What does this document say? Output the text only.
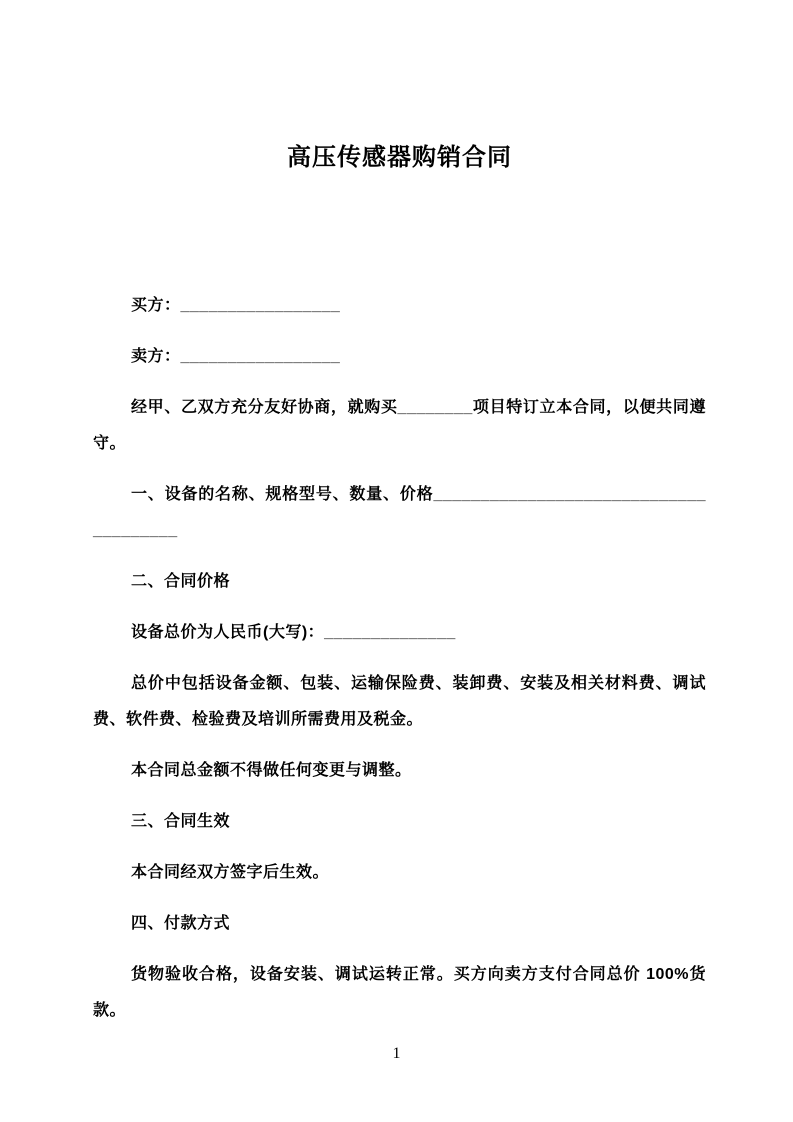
高压传感器购销合同

买方：_________________

卖方：_________________

经甲、乙双方充分友好协商，就购买________项目特订立本合同，以便共同遵守。

一、设备的名称、规格型号、数量、价格______________________________________

二、合同价格

设备总价为人民币(大写)：______________

总价中包括设备金额、包装、运输保险费、装卸费、安装及相关材料费、调试费、软件费、检验费及培训所需费用及税金。

本合同总金额不得做任何变更与调整。

三、合同生效

本合同经双方签字后生效。

四、付款方式

货物验收合格，设备安装、调试运转正常。买方向卖方支付合同总价 100%货款。

1
